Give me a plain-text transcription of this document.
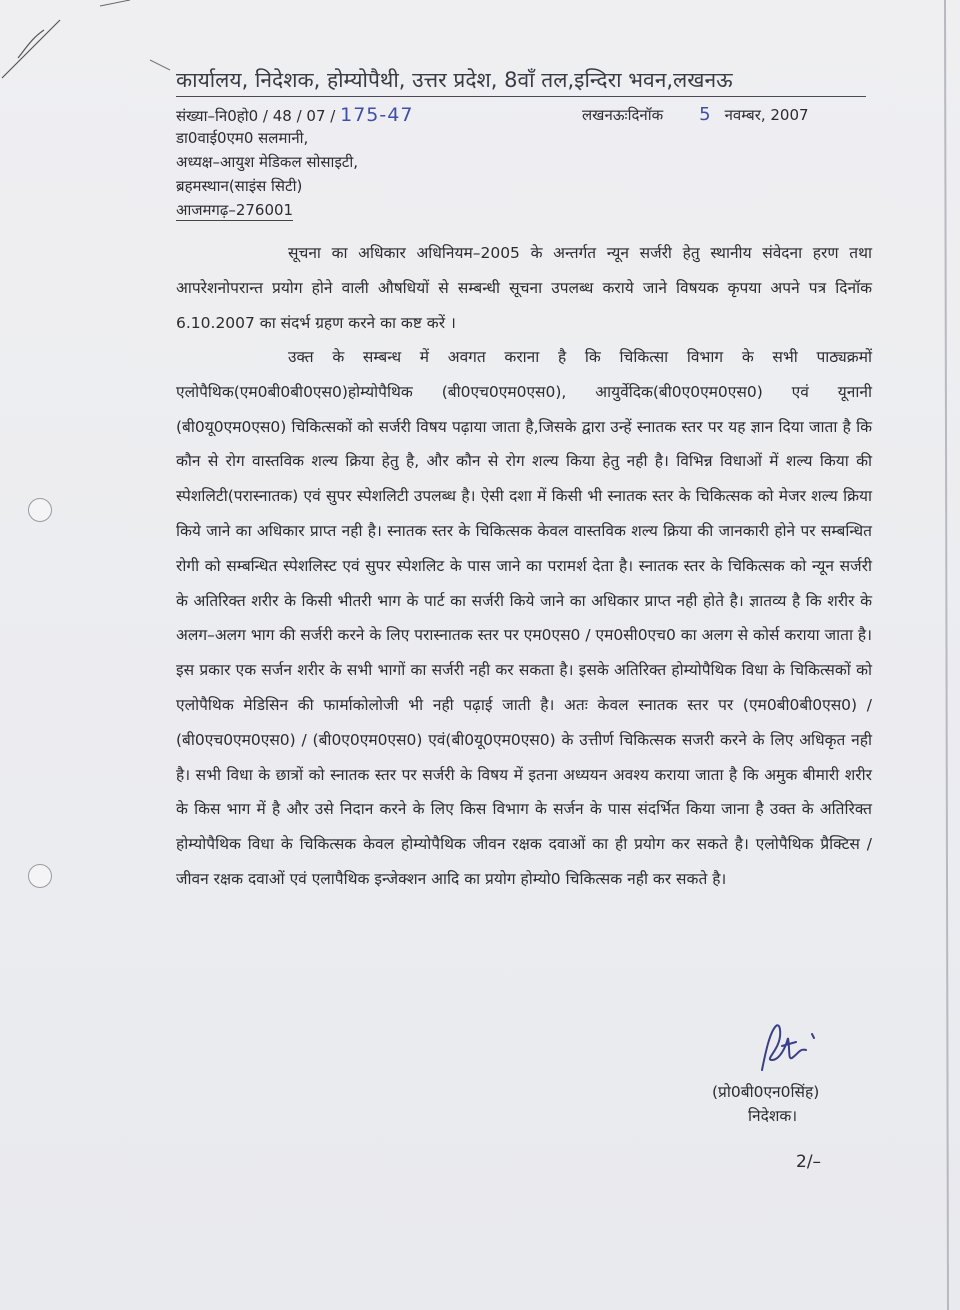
कार्यालय, निदेशक, होम्योपैथी, उत्तर प्रदेश, 8वॉं तल,इन्दिरा भवन,लखनऊ
संख्या–नि0हो0 / 48 / 07 / 175-47	लखनऊःदिनॉक 5 नवम्बर, 2007
डा0वाई0एम0 सलमानी,
अध्यक्ष–आयुश मेडिकल सोसाइटी,
ब्रहमस्थान(साइंस सिटी)
आजमगढ़–276001
सूचना का अधिकार अधिनियम–2005 के अन्तर्गत न्यून सर्जरी हेतु स्थानीय संवेदना हरण तथा आपरेशनोपरान्त प्रयोग होने वाली औषधियों से सम्बन्धी सूचना उपलब्ध कराये जाने विषयक कृपया अपने पत्र दिनॉक 6.10.2007 का संदर्भ ग्रहण करने का कष्ट करें ।
उक्त के सम्बन्ध में अवगत कराना है कि चिकित्सा विभाग के सभी पाठ्यक्रमों एलोपैथिक(एम0बी0बी0एस0)होम्योपैथिक (बी0एच0एम0एस0), आयुर्वेदिक(बी0ए0एम0एस0) एवं यूनानी (बी0यू0एम0एस0) चिकित्सकों को सर्जरी विषय पढ़ाया जाता है,जिसके द्वारा उन्हें स्नातक स्तर पर यह ज्ञान दिया जाता है कि कौन से रोग वास्तविक शल्य क्रिया हेतु है, और कौन से रोग शल्य किया हेतु नही है। विभिन्न विधाओं में शल्य किया की स्पेशलिटी(परास्नातक) एवं सुपर स्पेशलिटी उपलब्ध है। ऐसी दशा में किसी भी स्नातक स्तर के चिकित्सक को मेजर शल्य क्रिया किये जाने का अधिकार प्राप्त नही है। स्नातक स्तर के चिकित्सक केवल वास्तविक शल्य क्रिया की जानकारी होने पर सम्बन्धित रोगी को सम्बन्धित स्पेशलिस्ट एवं सुपर स्पेशलिट के पास जाने का परामर्श देता है। स्नातक स्तर के चिकित्सक को न्यून सर्जरी के अतिरिक्त शरीर के किसी भीतरी भाग के पार्ट का सर्जरी किये जाने का अधिकार प्राप्त नही होते है। ज्ञातव्य है कि शरीर के अलग–अलग भाग की सर्जरी करने के लिए परास्नातक स्तर पर एम0एस0 / एम0सी0एच0 का अलग से कोर्स कराया जाता है। इस प्रकार एक सर्जन शरीर के सभी भागों का सर्जरी नही कर सकता है। इसके अतिरिक्त होम्योपैथिक विधा के चिकित्सकों को एलोपैथिक मेडिसिन की फार्माकोलोजी भी नही पढ़ाई जाती है। अतः केवल स्नातक स्तर पर (एम0बी0बी0एस0) / (बी0एच0एम0एस0) / (बी0ए0एम0एस0) एवं(बी0यू0एम0एस0) के उत्तीर्ण चिकित्सक सजरी करने के लिए अधिकृत नही है। सभी विधा के छात्रों को स्नातक स्तर पर सर्जरी के विषय में इतना अध्ययन अवश्य कराया जाता है कि अमुक बीमारी शरीर के किस भाग में है और उसे निदान करने के लिए किस विभाग के सर्जन के पास संदर्भित किया जाना है उक्त के अतिरिक्त होम्योपैथिक विधा के चिकित्सक केवल होम्योपैथिक जीवन रक्षक दवाओं का ही प्रयोग कर सकते है। एलोपैथिक प्रैक्टिस / जीवन रक्षक दवाओं एवं एलापैथिक इन्जेक्शन आदि का प्रयोग होम्यो0 चिकित्सक नही कर सकते है।
(प्रो0बी0एन0सिंह)
निदेशक।
2/–
